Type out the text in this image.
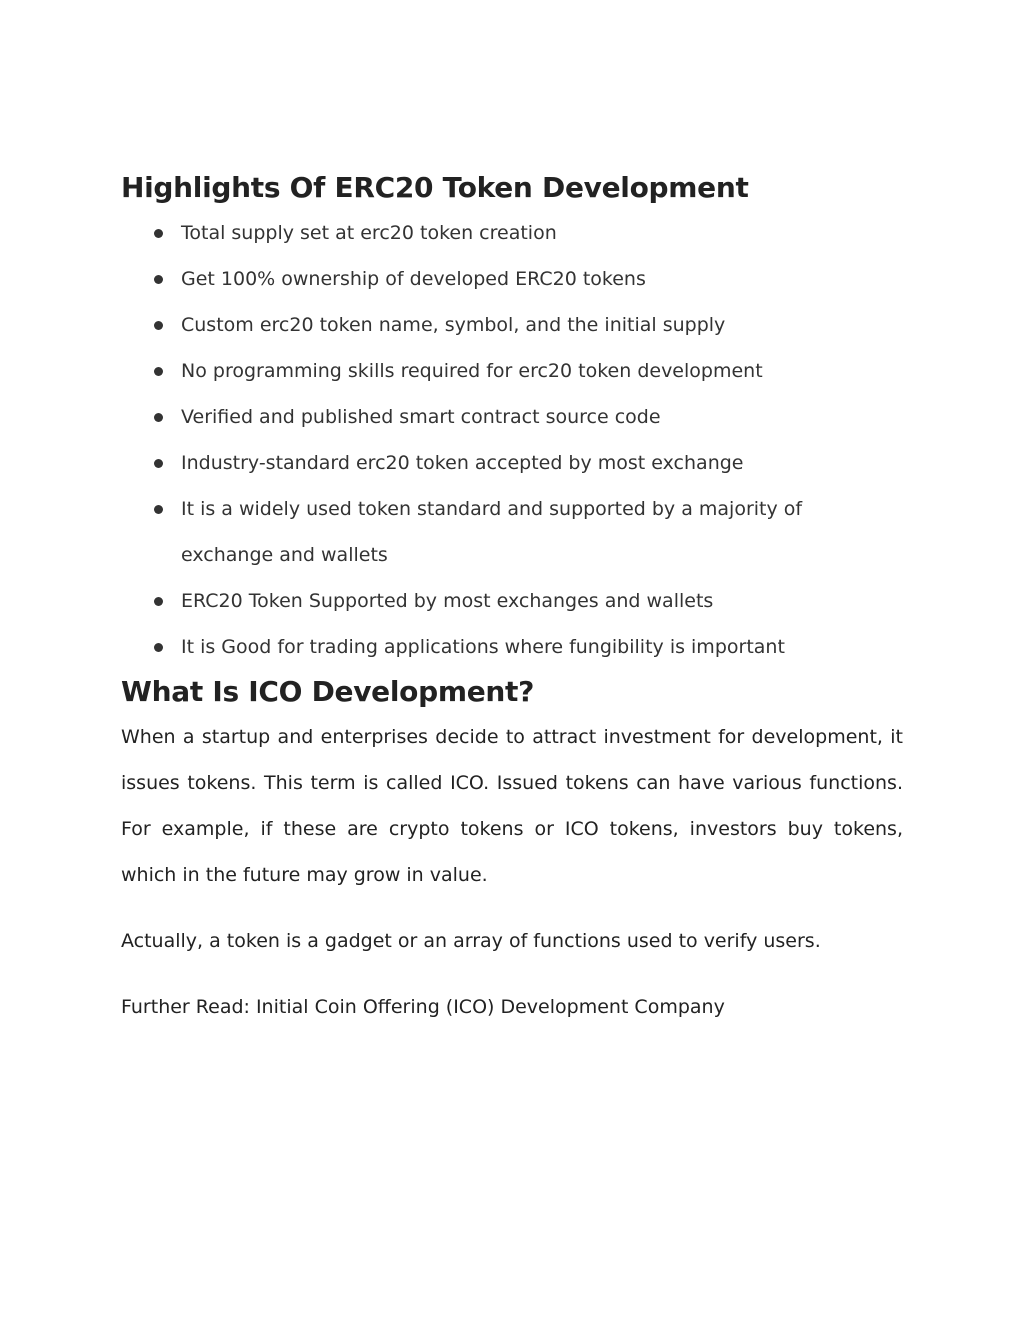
Highlights Of ERC20 Token Development
Total supply set at erc20 token creation
Get 100% ownership of developed ERC20 tokens
Custom erc20 token name, symbol, and the initial supply
No programming skills required for erc20 token development
Verified and published smart contract source code
Industry-standard erc20 token accepted by most exchange
It is a widely used token standard and supported by a majority of exchange and wallets
ERC20 Token Supported by most exchanges and wallets
It is Good for trading applications where fungibility is important
What Is ICO Development?

When a startup and enterprises decide to attract investment for development, it issues tokens. This term is called ICO. Issued tokens can have various functions. For example, if these are crypto tokens or ICO tokens, investors buy tokens, which in the future may grow in value.

Actually, a token is a gadget or an array of functions used to verify users.

Further Read: Initial Coin Offering (ICO) Development Company
